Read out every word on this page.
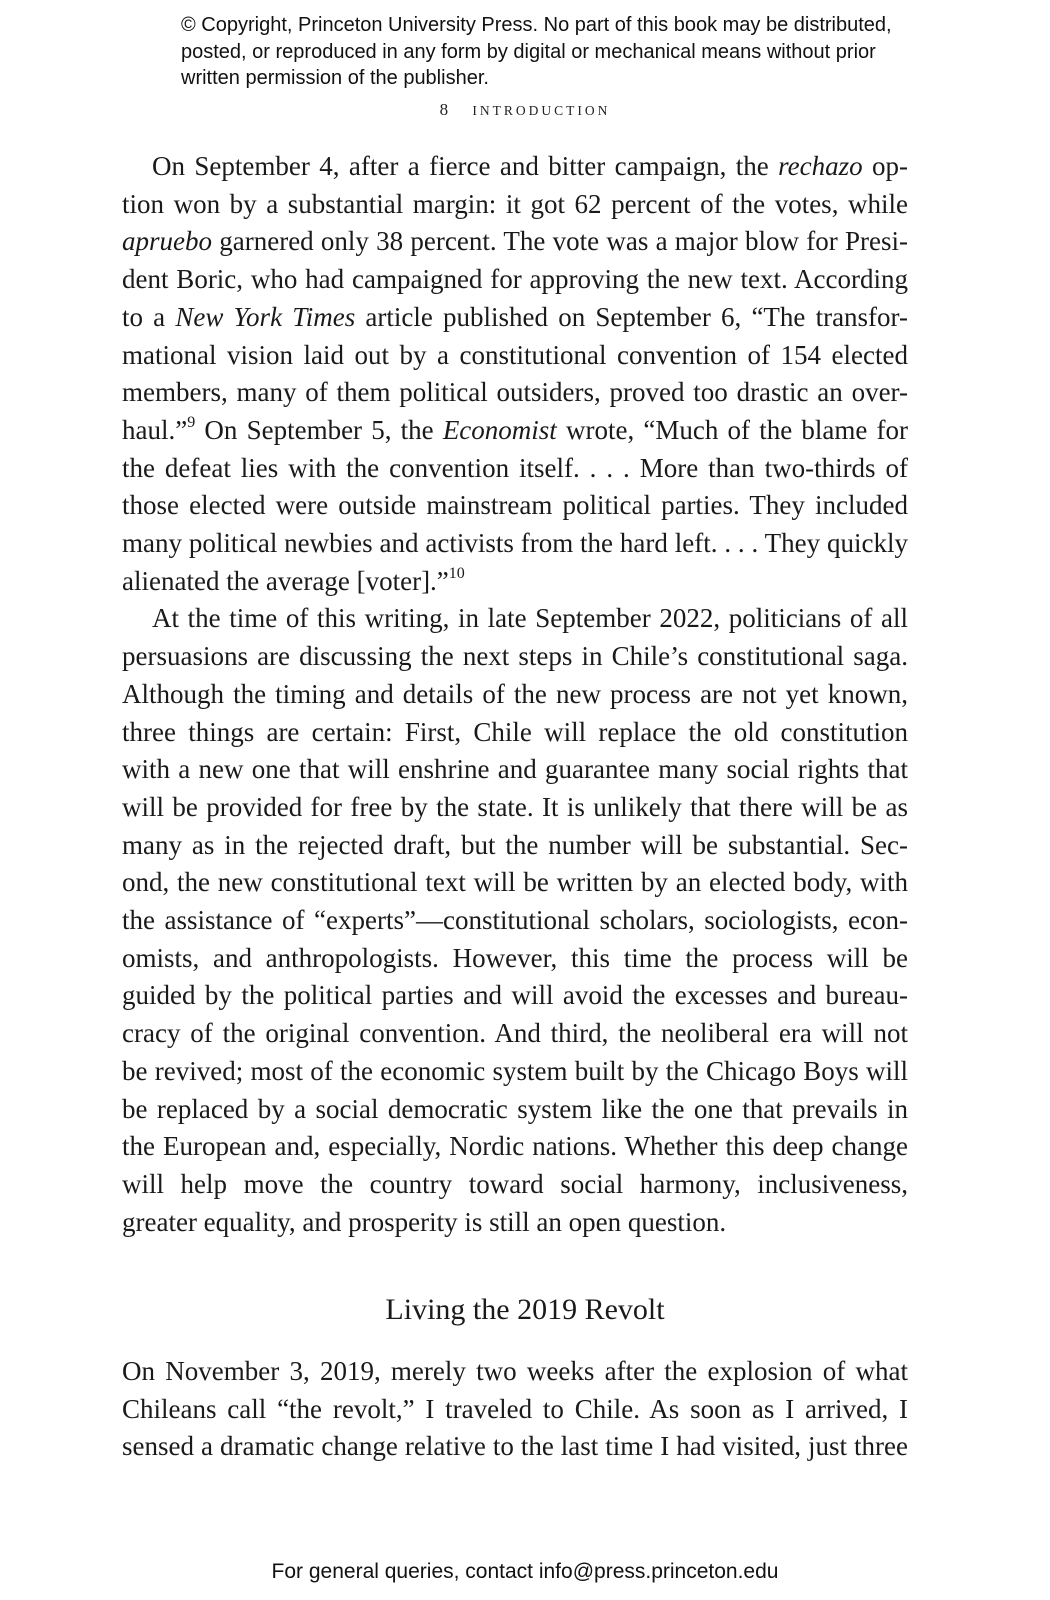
© Copyright, Princeton University Press. No part of this book may be distributed, posted, or reproduced in any form by digital or mechanical means without prior written permission of the publisher.
8 INTRODUCTION
On September 4, after a fierce and bitter campaign, the rechazo op-
tion won by a substantial margin: it got 62 percent of the votes, while
apruebo garnered only 38 percent. The vote was a major blow for Presi-
dent Boric, who had campaigned for approving the new text. According
to a New York Times article published on September 6, “The transfor-
mational vision laid out by a constitutional convention of 154 elected
members, many of them political outsiders, proved too drastic an over-
haul.”$^9$ On September 5, the Economist wrote, “Much of the blame for
the defeat lies with the convention itself. . . . More than two-thirds of
those elected were outside mainstream political parties. They included
many political newbies and activists from the hard left. . . . They quickly
alienated the average [voter].”$^{10}$
At the time of this writing, in late September 2022, politicians of all
persuasions are discussing the next steps in Chile’s constitutional saga.
Although the timing and details of the new process are not yet known,
three things are certain: First, Chile will replace the old constitution
with a new one that will enshrine and guarantee many social rights that
will be provided for free by the state. It is unlikely that there will be as
many as in the rejected draft, but the number will be substantial. Sec-
ond, the new constitutional text will be written by an elected body, with
the assistance of “experts”—constitutional scholars, sociologists, econ-
omists, and anthropologists. However, this time the process will be
guided by the political parties and will avoid the excesses and bureau-
cracy of the original convention. And third, the neoliberal era will not
be revived; most of the economic system built by the Chicago Boys will
be replaced by a social democratic system like the one that prevails in
the European and, especially, Nordic nations. Whether this deep change
will help move the country toward social harmony, inclusiveness,
greater equality, and prosperity is still an open question.
Living the 2019 Revolt
On November 3, 2019, merely two weeks after the explosion of what
Chileans call “the revolt,” I traveled to Chile. As soon as I arrived, I
sensed a dramatic change relative to the last time I had visited, just three
For general queries, contact info@press.princeton.edu
